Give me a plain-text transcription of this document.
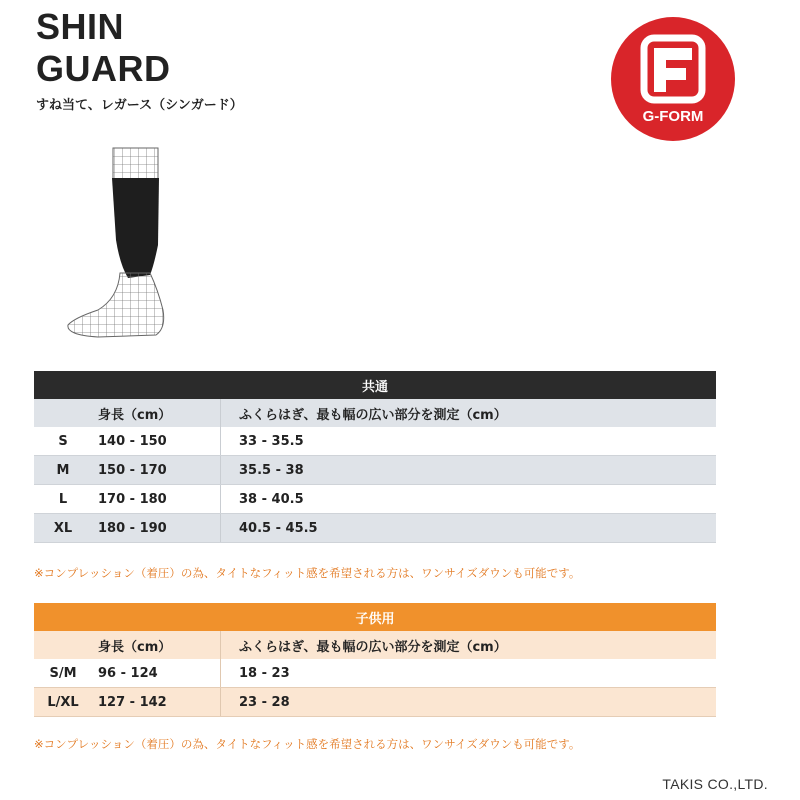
SHIN
GUARD
すね当て、レガース（シンガード）
G-FORM
共通		
	身長（cm）	ふくらはぎ、最も幅の広い部分を測定（cm）
S	140 - 150	33 - 35.5
M	150 - 170	35.5 - 38
L	170 - 180	38 - 40.5
XL	180 - 190	40.5 - 45.5
※コンプレッション（着圧）の為、タイトなフィット感を希望される方は、ワンサイズダウンも可能です。
子供用		
	身長（cm）	ふくらはぎ、最も幅の広い部分を測定（cm）
S/M	96 - 124	18 - 23
L/XL	127 - 142	23 - 28
※コンプレッション（着圧）の為、タイトなフィット感を希望される方は、ワンサイズダウンも可能です。
TAKIS CO.,LTD.
